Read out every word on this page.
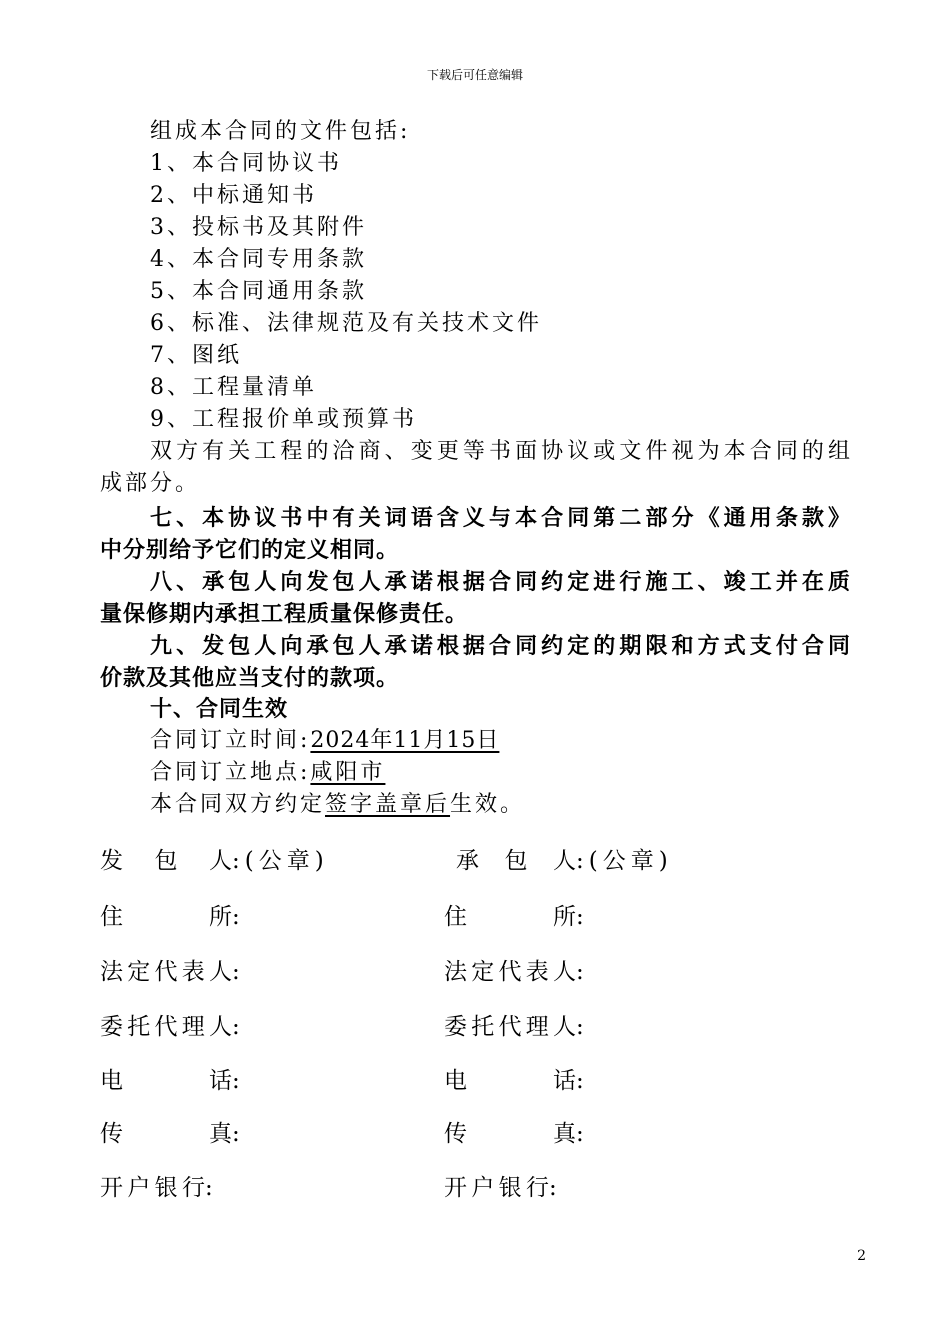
下载后可任意编辑
组成本合同的文件包括:
1、本合同协议书
2、中标通知书
3、投标书及其附件
4、本合同专用条款
5、本合同通用条款
6、标准、法律规范及有关技术文件
7、图纸
8、工程量清单
9、工程报价单或预算书
双方有关工程的洽商、变更等书面协议或文件视为本合同的组
成部分。
七、本协议书中有关词语含义与本合同第二部分《通用条款》
中分别给予它们的定义相同。
八、承包人向发包人承诺根据合同约定进行施工、竣工并在质
量保修期内承担工程质量保修责任。
九、发包人向承包人承诺根据合同约定的期限和方式支付合同
价款及其他应当支付的款项。
十、合同生效
合同订立时间:2024年11月15日
合同订立地点:咸阳市
本合同双方约定签字盖章后生效。
发包人:(公章)
住所:
法定代表人:
委托代理人:
电话:
传真:
开户银行:
承包人:(公章)
住所:
法定代表人:
委托代理人:
电话:
传真:
开户银行:
2
